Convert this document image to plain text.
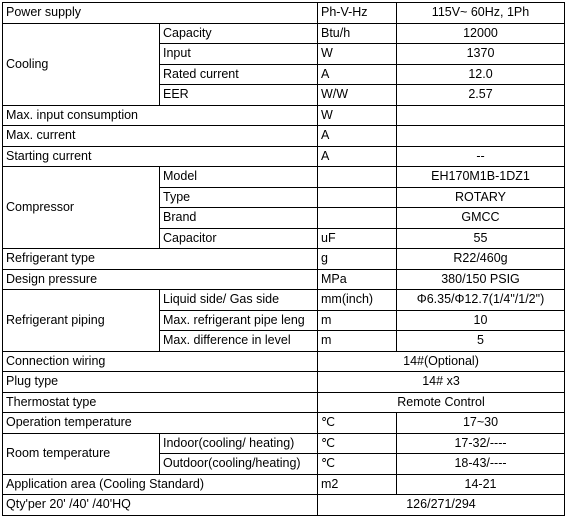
Power supply		Ph-V-Hz	115V~ 60Hz, 1Ph
Cooling	Capacity	Btu/h	12000
	Input	W	1370
	Rated current	A	12.0
	EER	W/W	2.57
Max. input consumption		W	
Max. current		A	
Starting current		A	--
Compressor	Model		EH170M1B-1DZ1
	Type		ROTARY
	Brand		GMCC
	Capacitor	uF	55
Refrigerant type		g	R22/460g
Design pressure		MPa	380/150 PSIG
Refrigerant piping	Liquid side/ Gas side	mm(inch)	Φ6.35/Φ12.7(1/4"/1/2")
	Max. refrigerant pipe leng	m	10
	Max. difference in level	m	5
Connection wiring		14#(Optional)	
Plug type		14# x3	
Thermostat type		Remote Control	
Operation temperature		℃	17~30
Room temperature	Indoor(cooling/ heating)	℃	17-32/----
	Outdoor(cooling/heating)	℃	18-43/----
Application area (Cooling Standard)		m2	14-21
Qty'per 20' /40' /40'HQ		126/271/294	
